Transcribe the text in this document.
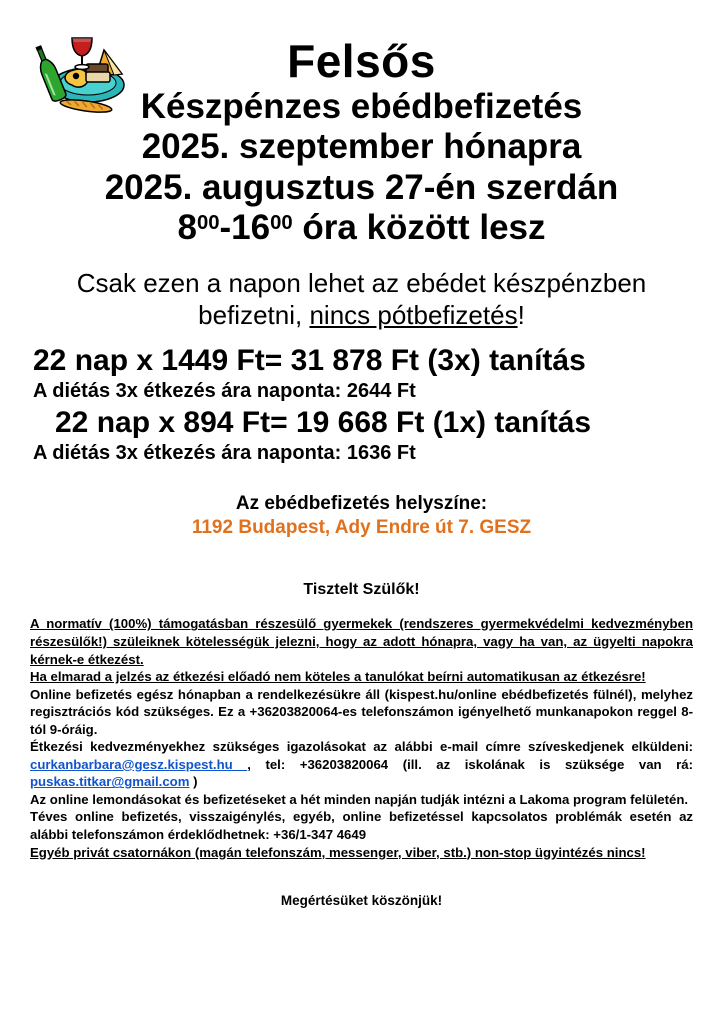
Felsős
Készpénzes ebédbefizetés
2025. szeptember hónapra
2025. augusztus 27-én szerdán
$8^{00}-16^{00}$ óra között lesz
Csak ezen a napon lehet az ebédet készpénzben befizetni, nincs pótbefizetés!
22 nap x 1449 Ft= 31 878 Ft (3x) tanítás
A diétás 3x étkezés ára naponta: 2644 Ft
22 nap x 894 Ft= 19 668 Ft (1x) tanítás
A diétás 3x étkezés ára naponta: 1636 Ft
Az ebédbefizetés helyszíne:
1192 Budapest, Ady Endre út 7. GESZ
Tisztelt Szülők!

A normatív (100%) támogatásban részesülő gyermekek (rendszeres gyermekvédelmi kedvezményben részesülők!) szüleiknek kötelességük jelezni, hogy az adott hónapra, vagy ha van, az ügyelti napokra kérnek-e étkezést.

Ha elmarad a jelzés az étkezési előadó nem köteles a tanulókat beírni automatikusan az étkezésre!

Online befizetés egész hónapban a rendelkezésükre áll (kispest.hu/online ebédbefizetés fülnél), melyhez regisztrációs kód szükséges. Ez a +36203820064-es telefonszámon igényelhető munkanapokon reggel 8-tól 9-óráig.

Étkezési kedvezményekhez szükséges igazolásokat az alábbi e-mail címre szíveskedjenek elküldeni: curkanbarbara@gesz.kispest.hu , tel: +36203820064 (ill. az iskolának is szüksége van rá: puskas.titkar@gmail.com )

Az online lemondásokat és befizetéseket a hét minden napján tudják intézni a Lakoma program felületén.

Téves online befizetés, visszaigénylés, egyéb, online befizetéssel kapcsolatos problémák esetén az alábbi telefonszámon érdeklődhetnek: +36/1-347 4649

Egyéb privát csatornákon (magán telefonszám, messenger, viber, stb.) non-stop ügyintézés nincs!

Megértésüket köszönjük!
